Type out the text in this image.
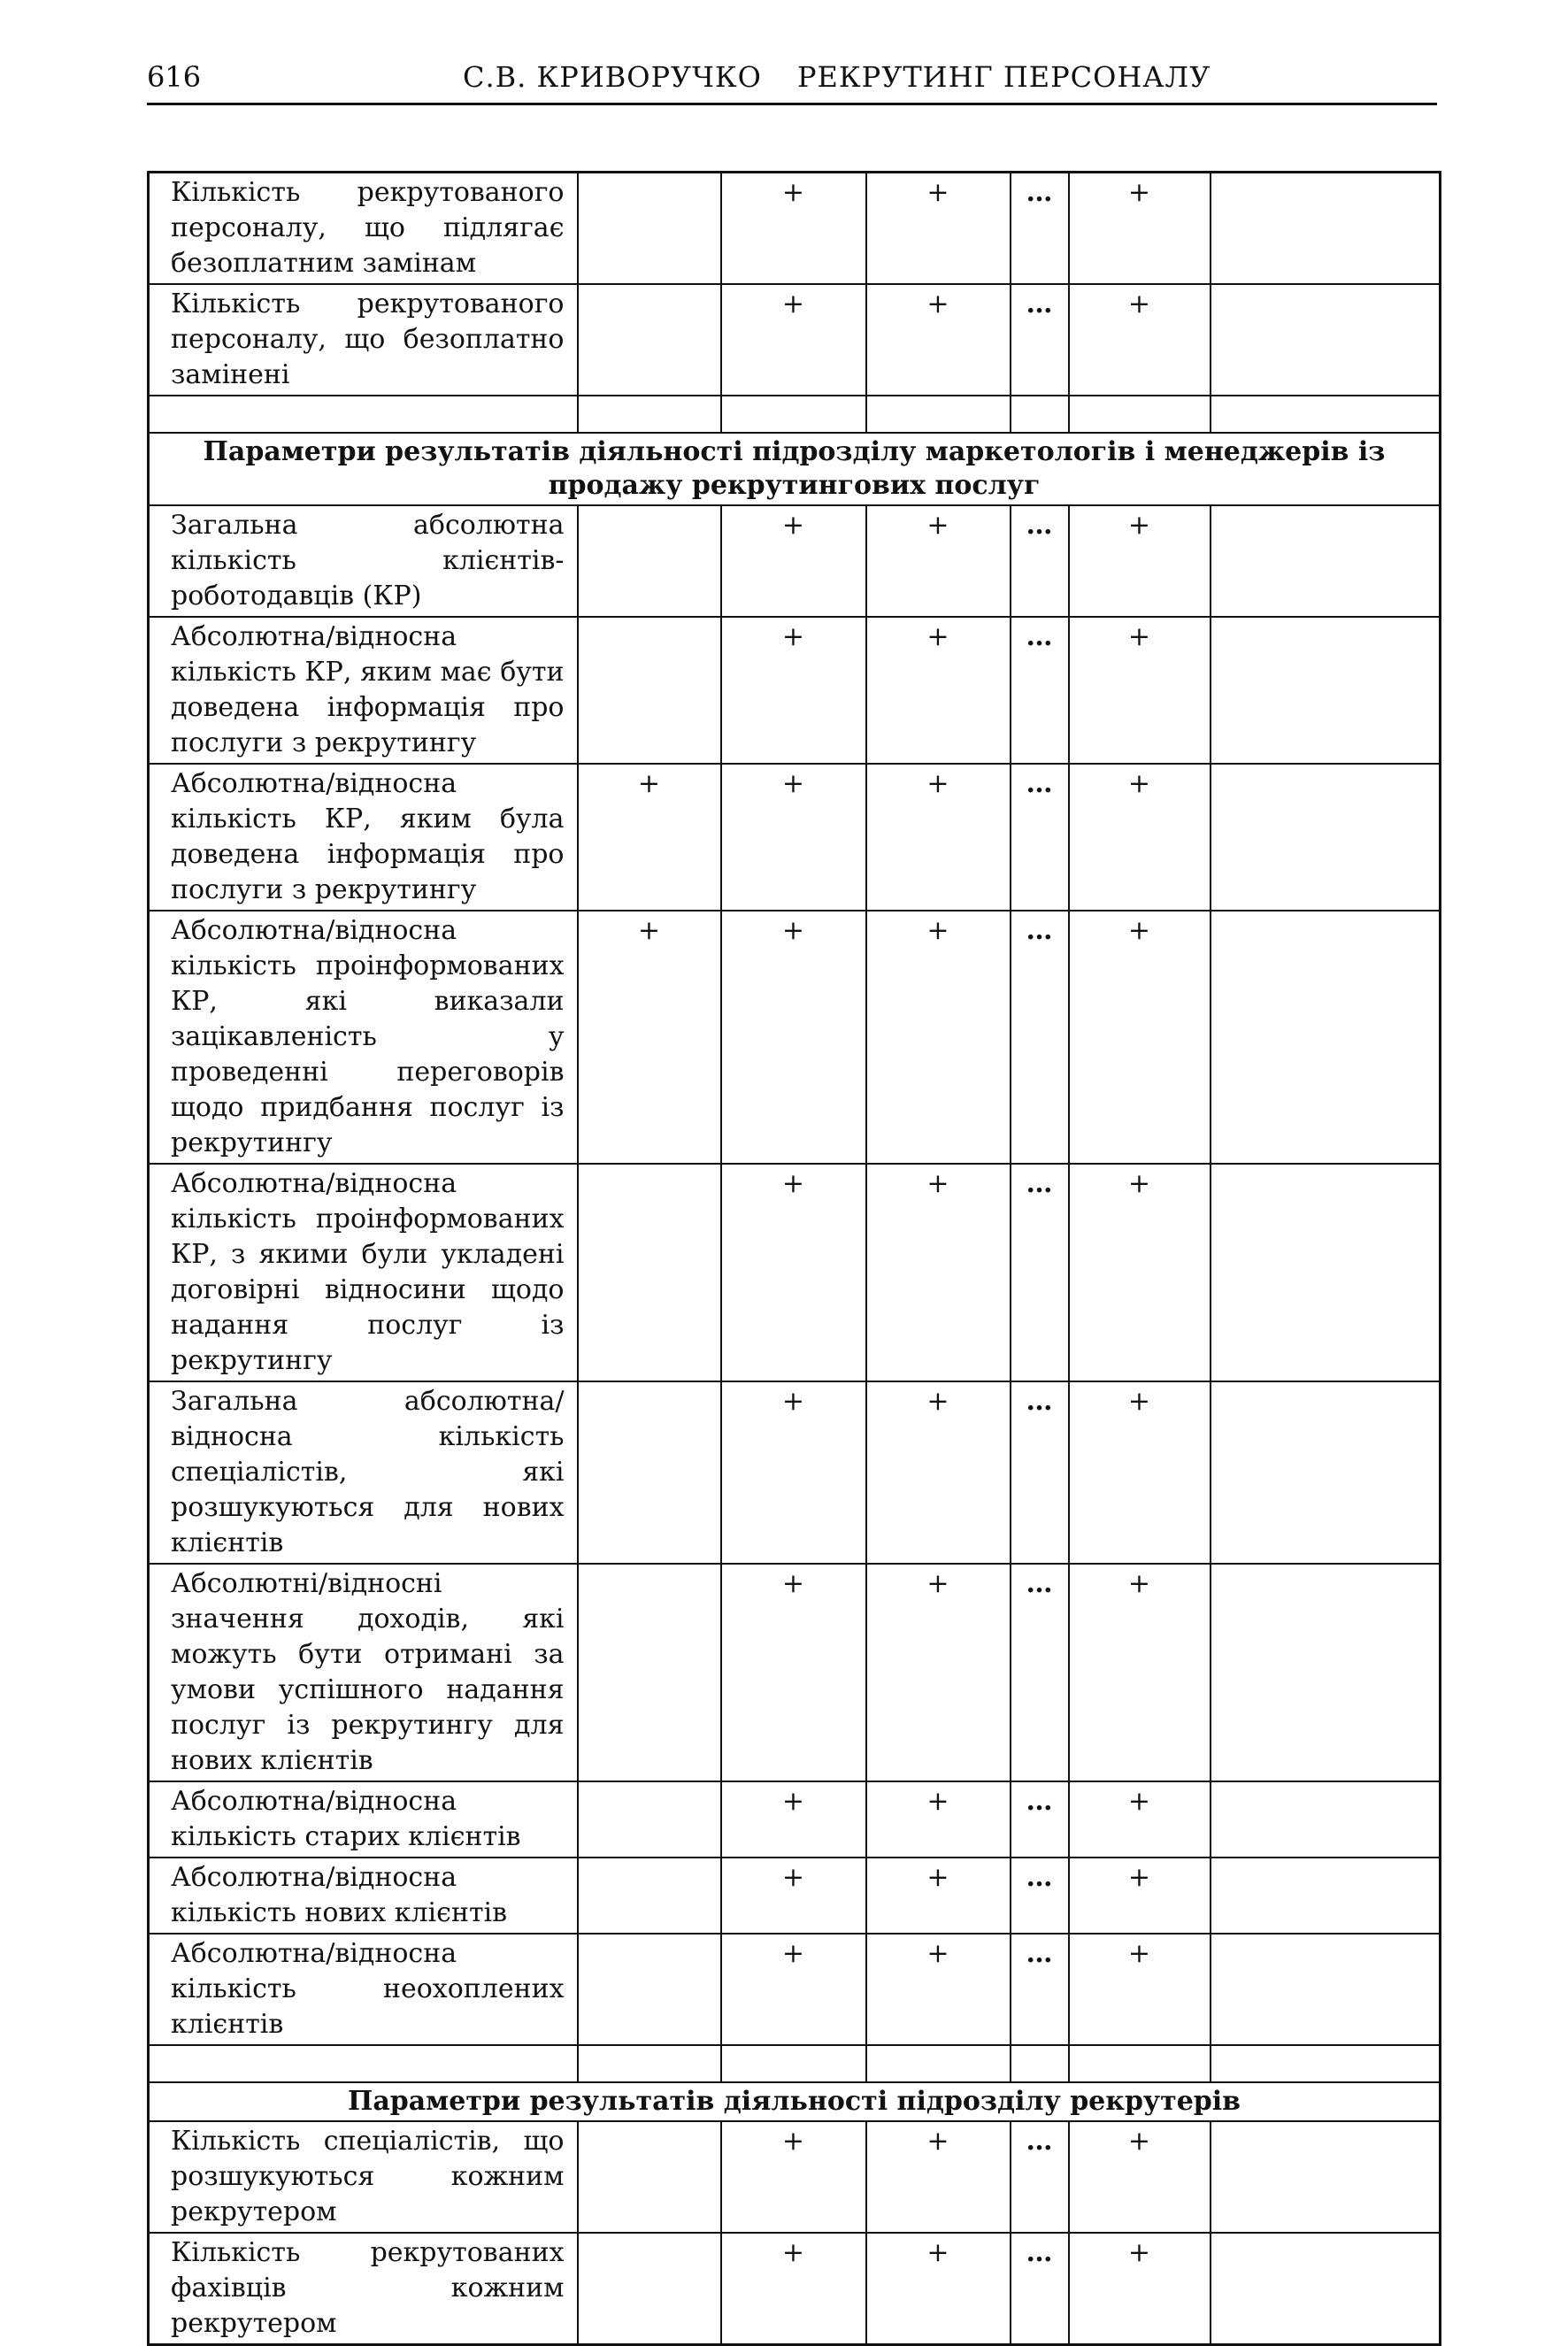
616	С.В. КРИВОРУЧКО РЕКРУТИНГ ПЕРСОНАЛУ
Кількість рекрутованого персоналу, що підлягає безоплатним замінам		+	+	…	+	
Кількість рекрутованого персоналу, що безоплатно замінені		+	+	…	+	

Параметри результатів діяльності підрозділу маркетологів і менеджерів із продажу рекрутингових послуг						
Загальна абсолютна кількість клієнтів-роботодавців (КР)		+	+	…	+	
Абсолютна/відносна кількість КР, яким має бути доведена інформація про послуги з рекрутингу		+	+	…	+	
Абсолютна/відносна кількість КР, яким була доведена інформація про послуги з рекрутингу	+	+	+	…	+	
Абсолютна/відносна кількість проінформованих КР, які виказали зацікавленість у проведенні переговорів щодо придбання послуг із рекрутингу	+	+	+	…	+	
Абсолютна/відносна кількість проінформованих КР, з якими були укладені договірні відносини щодо надання послуг із рекрутингу		+	+	…	+	
Загальна абсолютна/відносна кількість спеціалістів, які розшукуються для нових клієнтів		+	+	…	+	
Абсолютні/відносні значення доходів, які можуть бути отримані за умови успішного надання послуг із рекрутингу для нових клієнтів		+	+	…	+	
Абсолютна/відносна кількість старих клієнтів		+	+	…	+	
Абсолютна/відносна кількість нових клієнтів		+	+	…	+	
Абсолютна/відносна кількість неохоплених клієнтів		+	+	…	+	

Параметри результатів діяльності підрозділу рекрутерів						
Кількість спеціалістів, що розшукуються кожним рекрутером		+	+	…	+	
Кількість рекрутованих фахівців кожним рекрутером		+	+	…	+	
